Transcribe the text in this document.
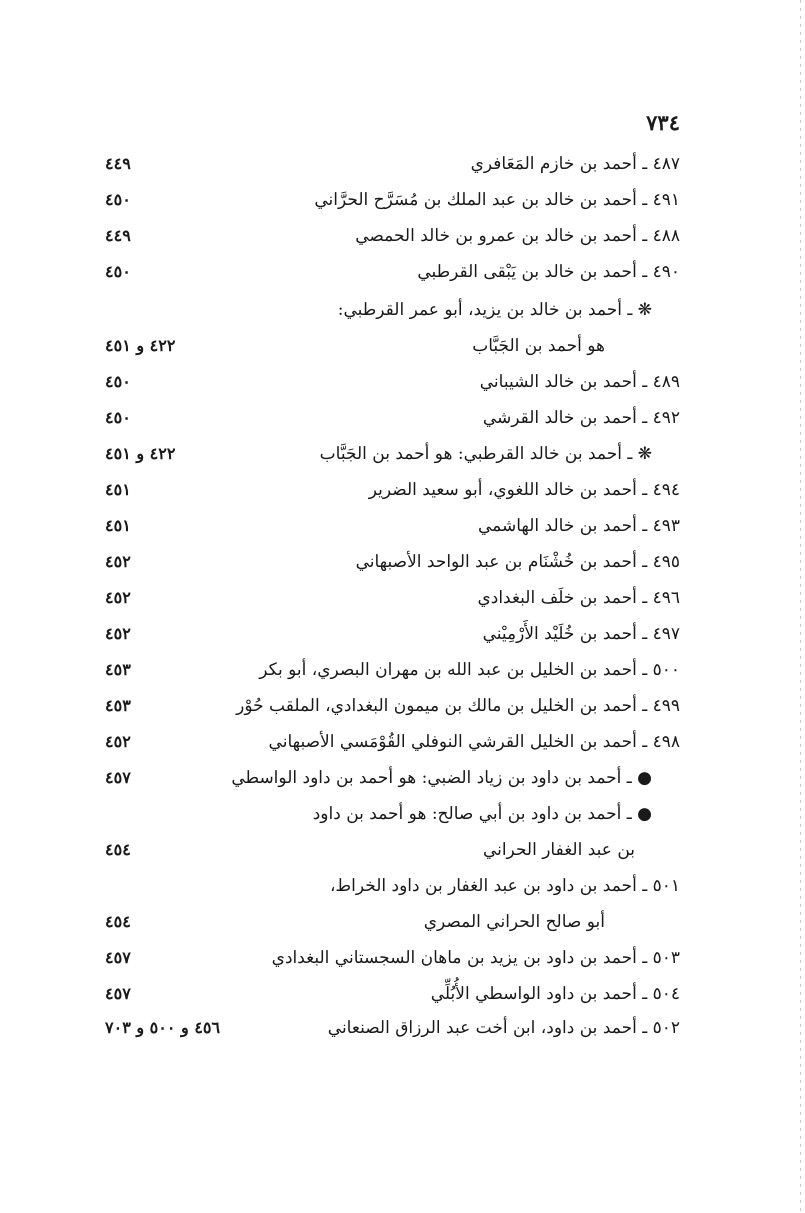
٧٣٤
٤٨٧ ـ أحمد بن خازم المَعَافري
٤٤٩
٤٩١ ـ أحمد بن خالد بن عبد الملك بن مُسَرَّح الحرَّاني
٤٥٠
٤٨٨ ـ أحمد بن خالد بن عمرو بن خالد الحمصي
٤٤٩
٤٩٠ ـ أحمد بن خالد بن يَبْقى القرطبي
٤٥٠
❋ ـ أحمد بن خالد بن يزيد، أبو عمر القرطبي:
هو أحمد بن الجَبَّاب
٤٢٢ و ٤٥١
٤٨٩ ـ أحمد بن خالد الشيباني
٤٥٠
٤٩٢ ـ أحمد بن خالد القرشي
٤٥٠
❋ ـ أحمد بن خالد القرطبي: هو أحمد بن الجَبَّاب
٤٢٢ و ٤٥١
٤٩٤ ـ أحمد بن خالد اللغوي، أبو سعيد الضرير
٤٥١
٤٩٣ ـ أحمد بن خالد الهاشمي
٤٥١
٤٩٥ ـ أحمد بن خُشْنَام بن عبد الواحد الأصبهاني
٤٥٢
٤٩٦ ـ أحمد بن خلَف البغدادي
٤٥٢
٤٩٧ ـ أحمد بن خُلَيْد الأَرْمِيْني
٤٥٢
٥٠٠ ـ أحمد بن الخليل بن عبد الله بن مهران البصري، أبو بكر
٤٥٣
٤٩٩ ـ أحمد بن الخليل بن مالك بن ميمون البغدادي، الملقب حُوْر
٤٥٣
٤٩٨ ـ أحمد بن الخليل القرشي النوفلي القُوْمَسي الأصبهاني
٤٥٢
● ـ أحمد بن داود بن زياد الضبي: هو أحمد بن داود الواسطي
٤٥٧
● ـ أحمد بن داود بن أبي صالح: هو أحمد بن داود
بن عبد الغفار الحراني
٤٥٤
٥٠١ ـ أحمد بن داود بن عبد الغفار بن داود الخراط،
أبو صالح الحراني المصري
٤٥٤
٥٠٣ ـ أحمد بن داود بن يزيد بن ماهان السجستاني البغدادي
٤٥٧
٥٠٤ ـ أحمد بن داود الواسطي الأُبُلِّي
٤٥٧
٥٠٢ ـ أحمد بن داود، ابن أخت عبد الرزاق الصنعاني
٤٥٦ و ٥٠٠ و ٧٠٣
